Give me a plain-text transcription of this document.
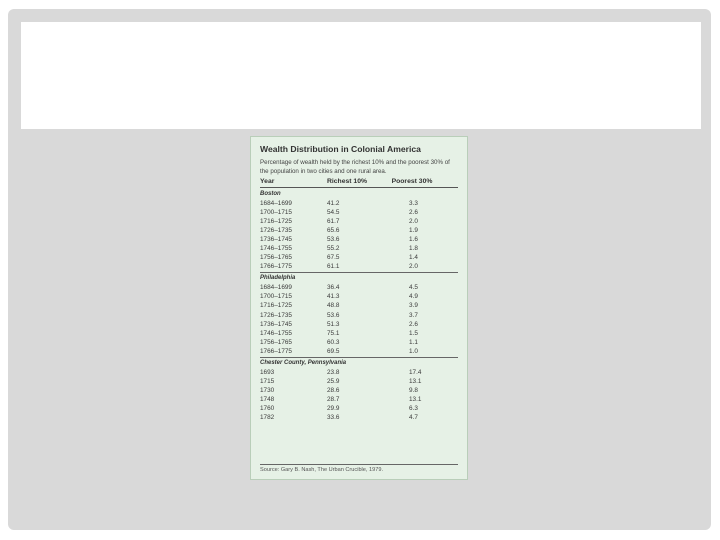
Wealth Distribution in Colonial America
Percentage of wealth held by the richest 10% and the poorest 30% of the population in two cities and one rural area.
Year	Richest 10%	Poorest 30%
Boston
1684–1699	41.2	3.3
1700–1715	54.5	2.6
1716–1725	61.7	2.0
1726–1735	65.6	1.9
1736–1745	53.6	1.6
1746–1755	55.2	1.8
1756–1765	67.5	1.4
1766–1775	61.1	2.0
Philadelphia
1684–1699	36.4	4.5
1700–1715	41.3	4.9
1716–1725	48.8	3.9
1726–1735	53.6	3.7
1736–1745	51.3	2.6
1746–1755	75.1	1.5
1756–1765	60.3	1.1
1766–1775	69.5	1.0
Chester County, Pennsylvania
1693	23.8	17.4
1715	25.9	13.1
1730	28.6	9.8
1748	28.7	13.1
1760	29.9	6.3
1782	33.6	4.7
Source: Gary B. Nash, The Urban Crucible, 1979.
